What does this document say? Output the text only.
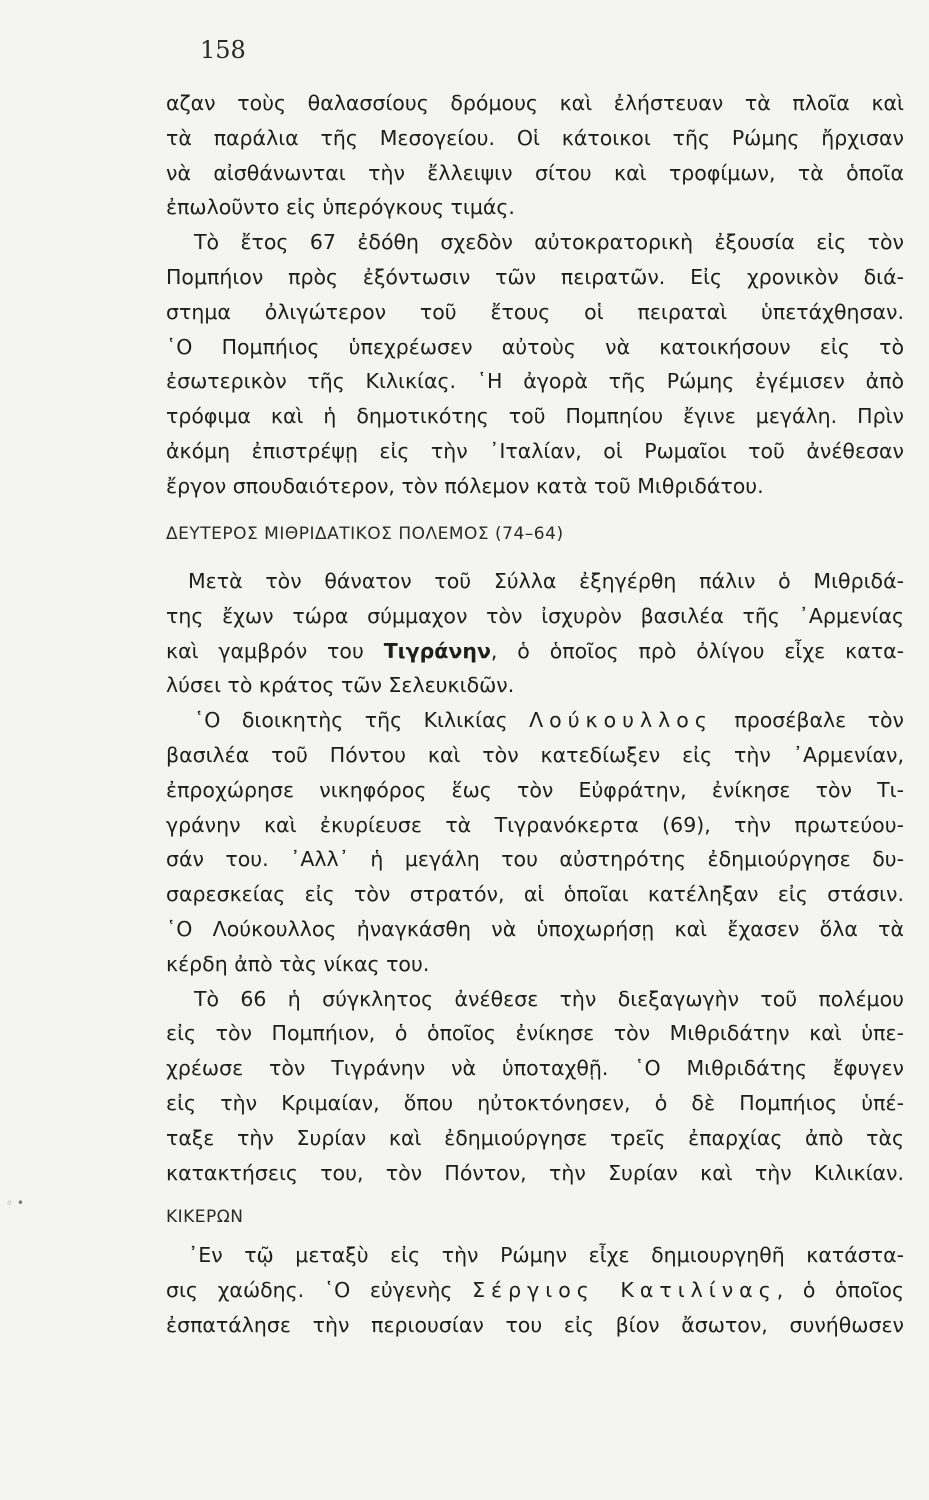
158
αζαν τοὺς θαλασσίους δρόμους καὶ ἐλήστευαν τὰ πλοῖα καὶ
τὰ παράλια τῆς Μεσογείου. Οἱ κάτοικοι τῆς Ρώμης ἤρχισαν
νὰ αἰσθάνωνται τὴν ἔλλειψιν σίτου καὶ τροφίμων, τὰ ὁποῖα
ἐπωλοῦντο εἰς ὑπερόγκους τιμάς.
Τὸ ἔτος 67 ἐδόθη σχεδὸν αὐτοκρατορικὴ ἐξουσία εἰς τὸν
Πομπήιον πρὸς ἐξόντωσιν τῶν πειρατῶν. Εἰς χρονικὸν διά-
στημα ὀλιγώτερον τοῦ ἔτους οἱ πειραταὶ ὑπετάχθησαν.
῾Ο Πομπήιος ὑπεχρέωσεν αὐτοὺς νὰ κατοικήσουν εἰς τὸ
ἐσωτερικὸν τῆς Κιλικίας. ῾Η ἀγορὰ τῆς Ρώμης ἐγέμισεν ἀπὸ
τρόφιμα καὶ ἡ δημοτικότης τοῦ Πομπηίου ἔγινε μεγάλη. Πρὶν
ἀκόμη ἐπιστρέψῃ εἰς τὴν ᾿Ιταλίαν, οἱ Ρωμαῖοι τοῦ ἀνέθεσαν
ἔργον σπουδαιότερον, τὸν πόλεμον κατὰ τοῦ Μιθριδάτου.
ΔΕΥΤΕΡΟΣ ΜΙΘΡΙΔΑΤΙΚΟΣ ΠΟΛΕΜΟΣ (74–64)
Μετὰ τὸν θάνατον τοῦ Σύλλα ἐξηγέρθη πάλιν ὁ Μιθριδά-
της ἔχων τώρα σύμμαχον τὸν ἰσχυρὸν βασιλέα τῆς ᾿Αρμενίας
καὶ γαμβρόν του Τιγράνην, ὁ ὁποῖος πρὸ ὀλίγου εἶχε κατα-
λύσει τὸ κράτος τῶν Σελευκιδῶν.
῾Ο διοικητὴς τῆς Κιλικίας Λούκουλλος προσέβαλε τὸν
βασιλέα τοῦ Πόντου καὶ τὸν κατεδίωξεν εἰς τὴν ᾿Αρμενίαν,
ἐπροχώρησε νικηφόρος ἕως τὸν Εὐφράτην, ἐνίκησε τὸν Τι-
γράνην καὶ ἐκυρίευσε τὰ Τιγρανόκερτα (69), τὴν πρωτεύου-
σάν του. ᾿Αλλ᾿ ἡ μεγάλη του αὐστηρότης ἐδημιούργησε δυ-
σαρεσκείας εἰς τὸν στρατόν, αἱ ὁποῖαι κατέληξαν εἰς στάσιν.
῾Ο Λούκουλλος ἠναγκάσθη νὰ ὑποχωρήσῃ καὶ ἔχασεν ὅλα τὰ
κέρδη ἀπὸ τὰς νίκας του.
Τὸ 66 ἡ σύγκλητος ἀνέθεσε τὴν διεξαγωγὴν τοῦ πολέμου
εἰς τὸν Πομπήιον, ὁ ὁποῖος ἐνίκησε τὸν Μιθριδάτην καὶ ὑπε-
χρέωσε τὸν Τιγράνην νὰ ὑποταχθῇ. ῾Ο Μιθριδάτης ἔφυγεν
εἰς τὴν Κριμαίαν, ὅπου ηὐτοκτόνησεν, ὁ δὲ Πομπήιος ὑπέ-
ταξε τὴν Συρίαν καὶ ἐδημιούργησε τρεῖς ἐπαρχίας ἀπὸ τὰς
κατακτήσεις του, τὸν Πόντον, τὴν Συρίαν καὶ τὴν Κιλικίαν.
◦ •
ΚΙΚΕΡΩΝ
᾿Εν τῷ μεταξὺ εἰς τὴν Ρώμην εἶχε δημιουργηθῆ κατάστα-
σις χαώδης. ῾Ο εὐγενὴς Σέργιος Κατιλίνας, ὁ ὁποῖος
ἐσπατάλησε τὴν περιουσίαν του εἰς βίον ἄσωτον, συνήθωσεν
